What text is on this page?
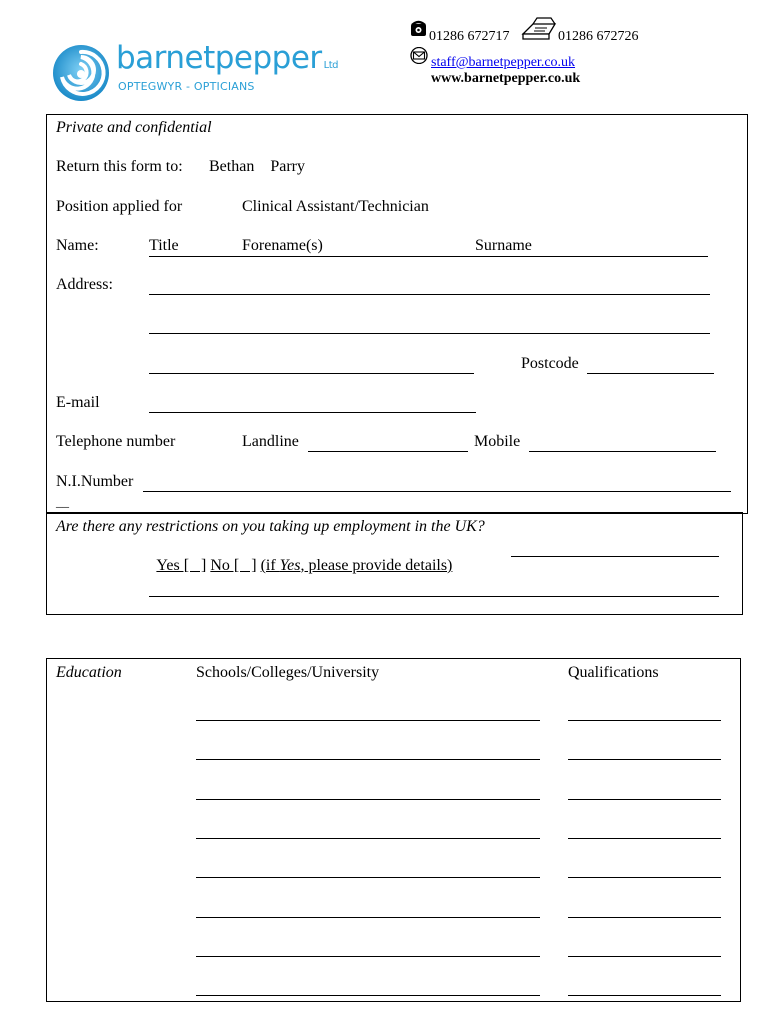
barnetpepper Ltd
OPTEGWYR - OPTICIANS
01286 672717	01286 672726
staff@barnetpepper.co.uk
www.barnetpepper.co.uk
Private and confidential
Return this form to: Bethan    Parry
Position applied for	Clinical Assistant/Technician
Name:	Title	Forename(s)	Surname
Address:
Postcode
E-mail
Telephone number	Landline	Mobile
N.I.Number
__
Are there any restrictions on you taking up employment in the UK?

Yes [   ] No [   ] (if Yes, please provide details)

Education	Schools/Colleges/University	Qualifications
